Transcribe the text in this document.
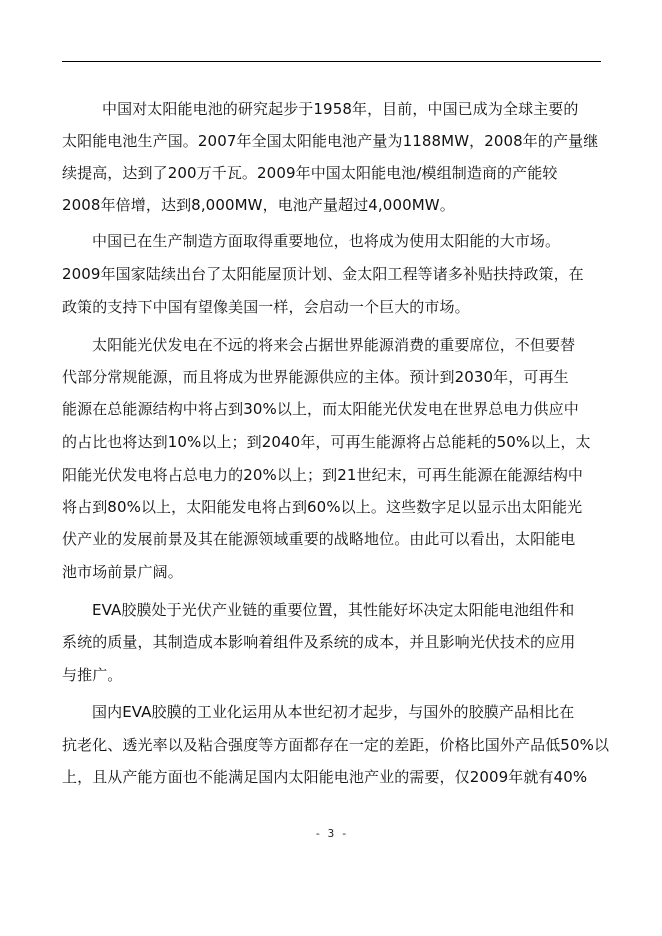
中国对太阳能电池的研究起步于1958年，目前，中国已成为全球主要的
太阳能电池生产国。2007年全国太阳能电池产量为1188MW，2008年的产量继
续提高，达到了200万千瓦。2009年中国太阳能电池/模组制造商的产能较
2008年倍增，达到8,000MW，电池产量超过4,000MW。
中国已在生产制造方面取得重要地位，也将成为使用太阳能的大市场。
2009年国家陆续出台了太阳能屋顶计划、金太阳工程等诸多补贴扶持政策，在
政策的支持下中国有望像美国一样，会启动一个巨大的市场。
太阳能光伏发电在不远的将来会占据世界能源消费的重要席位，不但要替
代部分常规能源，而且将成为世界能源供应的主体。预计到2030年，可再生
能源在总能源结构中将占到30%以上，而太阳能光伏发电在世界总电力供应中
的占比也将达到10%以上；到2040年，可再生能源将占总能耗的50%以上，太
阳能光伏发电将占总电力的20%以上；到21世纪末，可再生能源在能源结构中
将占到80%以上，太阳能发电将占到60%以上。这些数字足以显示出太阳能光
伏产业的发展前景及其在能源领域重要的战略地位。由此可以看出，太阳能电
池市场前景广阔。
EVA胶膜处于光伏产业链的重要位置，其性能好坏决定太阳能电池组件和
系统的质量，其制造成本影响着组件及系统的成本，并且影响光伏技术的应用
与推广。
国内EVA胶膜的工业化运用从本世纪初才起步，与国外的胶膜产品相比在
抗老化、透光率以及粘合强度等方面都存在一定的差距，价格比国外产品低50%以
上，且从产能方面也不能满足国内太阳能电池产业的需要，仅2009年就有40%
- 3 -
